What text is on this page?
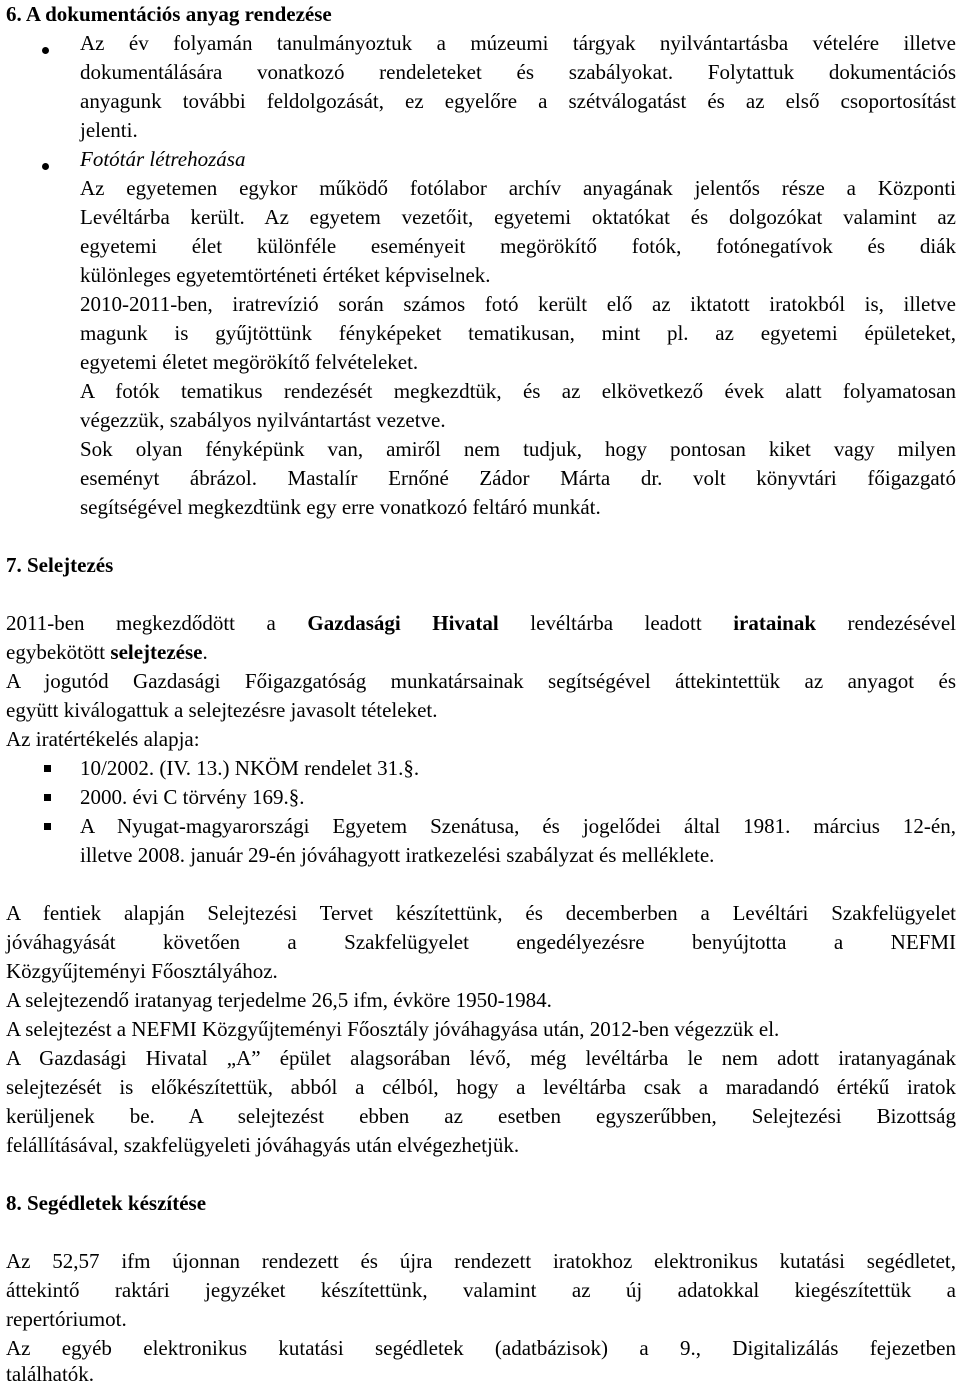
6. A dokumentációs anyag rendezése
Az év folyamán tanulmányoztuk a múzeumi tárgyak nyilvántartásba vételére illetve
dokumentálására vonatkozó rendeleteket és szabályokat. Folytattuk dokumentációs
anyagunk további feldolgozását, ez egyelőre a szétválogatást és az első csoportosítást
jelenti.
Fotótár létrehozása
Az egyetemen egykor működő fotólabor archív anyagának jelentős része a Központi
Levéltárba került. Az egyetem vezetőit, egyetemi oktatókat és dolgozókat valamint az
egyetemi élet különféle eseményeit megörökítő fotók, fotónegatívok és diák
különleges egyetemtörténeti értéket képviselnek.
2010-2011-ben, iratrevízió során számos fotó került elő az iktatott iratokból is, illetve
magunk is gyűjtöttünk fényképeket tematikusan, mint pl. az egyetemi épületeket,
egyetemi életet megörökítő felvételeket.
A fotók tematikus rendezését megkezdtük, és az elkövetkező évek alatt folyamatosan
végezzük, szabályos nyilvántartást vezetve.
Sok olyan fényképünk van, amiről nem tudjuk, hogy pontosan kiket vagy milyen
eseményt ábrázol. Mastalír Ernőné Zádor Márta dr. volt könyvtári főigazgató
segítségével megkezdtünk egy erre vonatkozó feltáró munkát.
7. Selejtezés
2011-ben megkezdődött a Gazdasági Hivatal levéltárba leadott iratainak rendezésével
egybekötött selejtezése.
A jogutód Gazdasági Főigazgatóság munkatársainak segítségével áttekintettük az anyagot és
együtt kiválogattuk a selejtezésre javasolt tételeket.
Az iratértékelés alapja:
10/2002. (IV. 13.) NKÖM rendelet 31.§.
2000. évi C törvény 169.§.
A Nyugat-magyarországi Egyetem Szenátusa, és jogelődei által 1981. március 12-én,
illetve 2008. január 29-én jóváhagyott iratkezelési szabályzat és melléklete.
A fentiek alapján Selejtezési Tervet készítettünk, és decemberben a Levéltári Szakfelügyelet
jóváhagyását követően a Szakfelügyelet engedélyezésre benyújtotta a NEFMI
Közgyűjteményi Főosztályához.
A selejtezendő iratanyag terjedelme 26,5 ifm, évköre 1950-1984.
A selejtezést a NEFMI Közgyűjteményi Főosztály jóváhagyása után, 2012-ben végezzük el.
A Gazdasági Hivatal „A” épület alagsorában lévő, még levéltárba le nem adott iratanyagának
selejtezését is előkészítettük, abból a célból, hogy a levéltárba csak a maradandó értékű iratok
kerüljenek be. A selejtezést ebben az esetben egyszerűbben, Selejtezési Bizottság
felállításával, szakfelügyeleti jóváhagyás után elvégezhetjük.
8. Segédletek készítése
Az 52,57 ifm újonnan rendezett és újra rendezett iratokhoz elektronikus kutatási segédletet,
áttekintő raktári jegyzéket készítettünk, valamint az új adatokkal kiegészítettük a
repertóriumot.
Az egyéb elektronikus kutatási segédletek (adatbázisok) a 9., Digitalizálás fejezetben
találhatók.
